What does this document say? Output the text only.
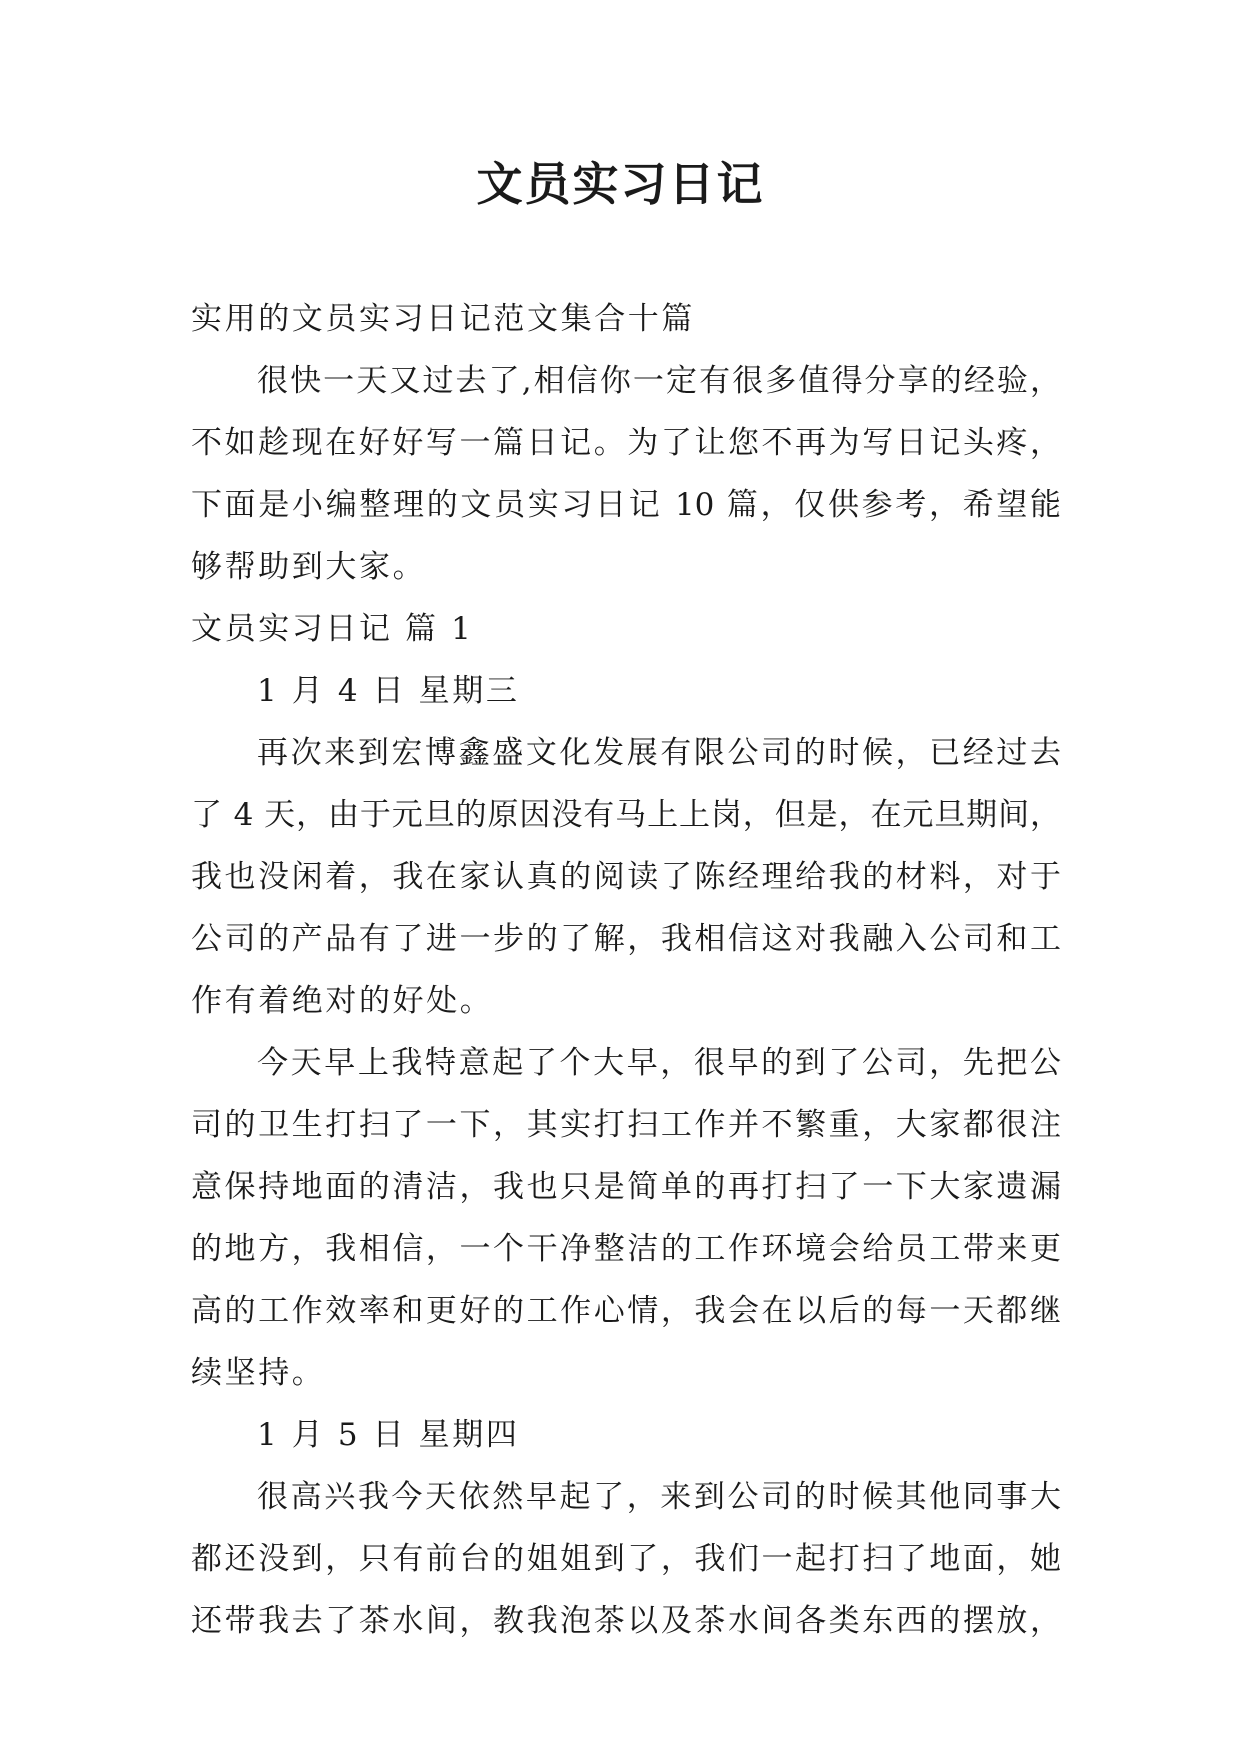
文员实习日记
实用的文员实习日记范文集合十篇
很快一天又过去了,相信你一定有很多值得分享的经验，
不如趁现在好好写一篇日记。为了让您不再为写日记头疼，
下面是小编整理的文员实习日记 10 篇，仅供参考，希望能
够帮助到大家。
文员实习日记 篇 1
1 月 4 日 星期三
再次来到宏博鑫盛文化发展有限公司的时候，已经过去
了 4 天，由于元旦的原因没有马上上岗，但是，在元旦期间，
我也没闲着，我在家认真的阅读了陈经理给我的材料，对于
公司的产品有了进一步的了解，我相信这对我融入公司和工
作有着绝对的好处。
今天早上我特意起了个大早，很早的到了公司，先把公
司的卫生打扫了一下，其实打扫工作并不繁重，大家都很注
意保持地面的清洁，我也只是简单的再打扫了一下大家遗漏
的地方，我相信，一个干净整洁的工作环境会给员工带来更
高的工作效率和更好的工作心情，我会在以后的每一天都继
续坚持。
1 月 5 日 星期四
很高兴我今天依然早起了，来到公司的时候其他同事大
都还没到，只有前台的姐姐到了，我们一起打扫了地面，她
还带我去了茶水间，教我泡茶以及茶水间各类东西的摆放，
